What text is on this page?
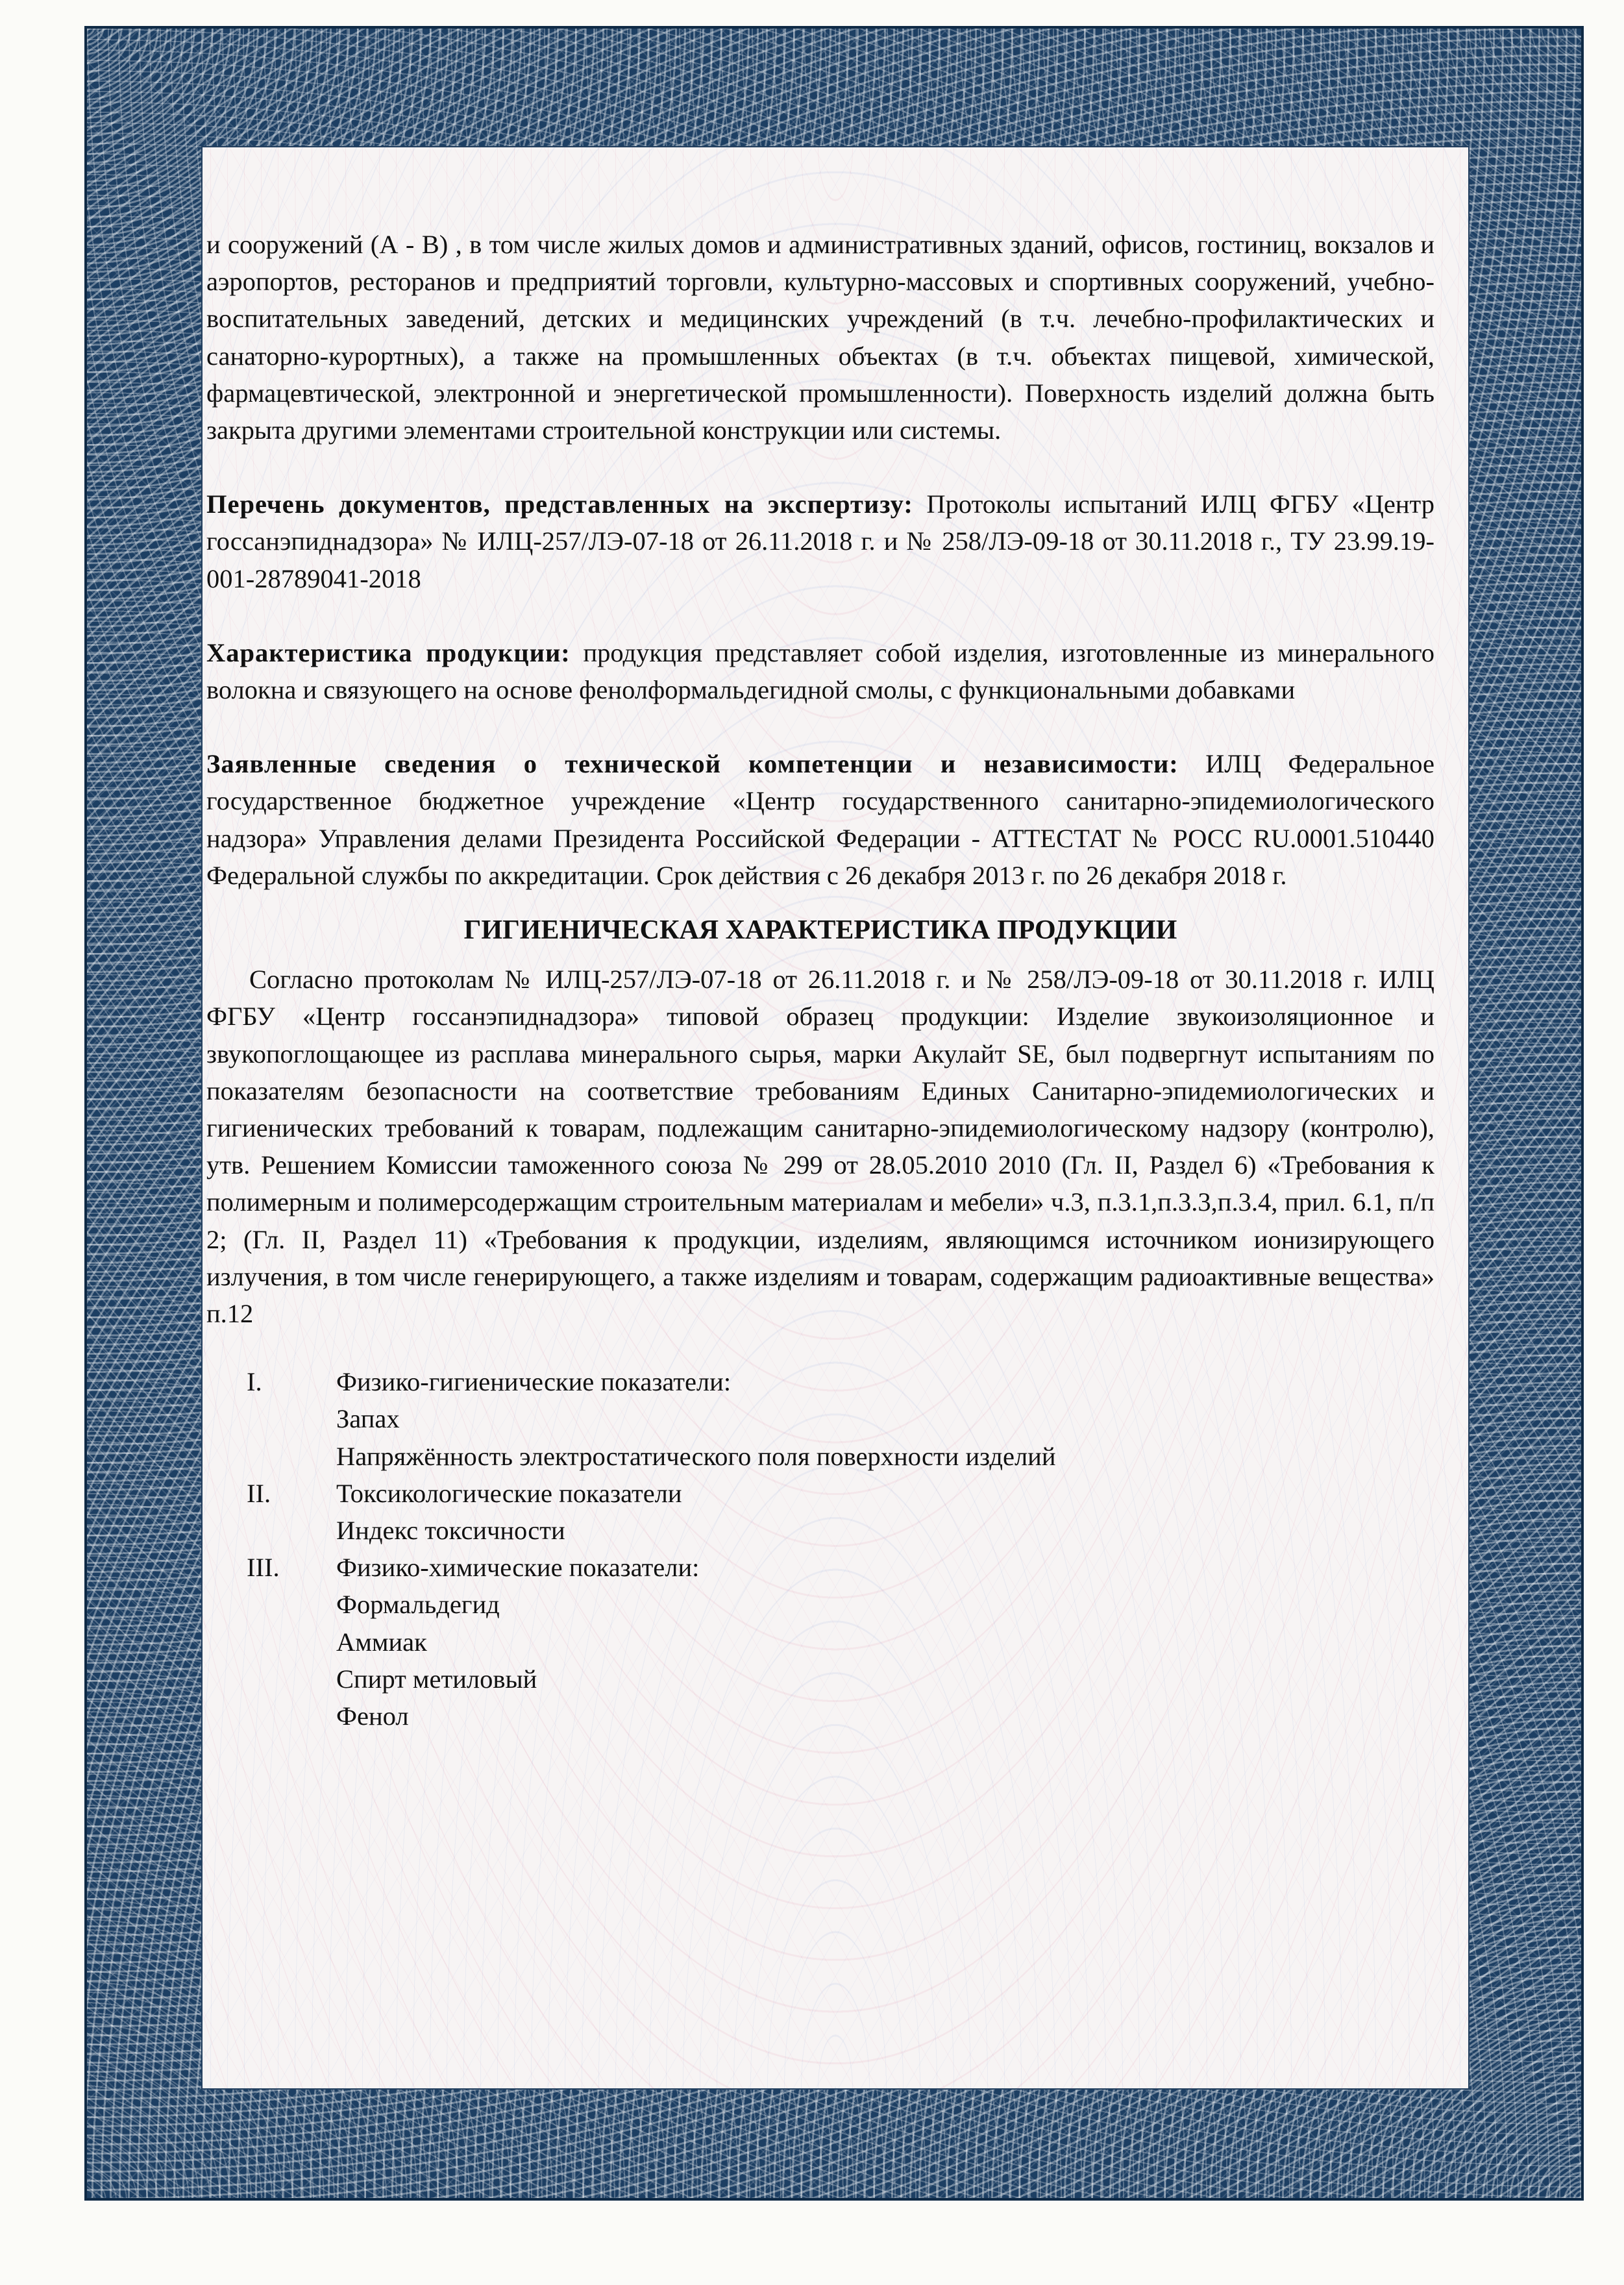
и сооружений (А - В) , в том числе жилых домов и административных зданий, офисов, гостиниц, вокзалов и аэропортов, ресторанов и предприятий торговли, культурно-массовых и спортивных сооружений, учебно-воспитательных заведений, детских и медицинских учреждений (в т.ч. лечебно-профилактических и санаторно-курортных), а также на промышленных объектах (в т.ч. объектах пищевой, химической, фармацевтической, электронной и энергетической промышленности). Поверхность изделий должна быть закрыта другими элементами строительной конструкции или системы.

Перечень документов, представленных на экспертизу: Протоколы испытаний ИЛЦ ФГБУ «Центр госсанэпиднадзора» № ИЛЦ-257/ЛЭ-07-18 от 26.11.2018 г. и № 258/ЛЭ-09-18 от 30.11.2018 г., ТУ 23.99.19-001-28789041-2018

Характеристика продукции: продукция представляет собой изделия, изготовленные из минерального волокна и связующего на основе фенолформальдегидной смолы, с функциональными добавками

Заявленные сведения о технической компетенции и независимости: ИЛЦ Федеральное государственное бюджетное учреждение «Центр государственного санитарно-эпидемиологического надзора» Управления делами Президента Российской Федерации - АТТЕСТАТ № РОСС RU.0001.510440 Федеральной службы по аккредитации. Срок действия с 26 декабря 2013 г. по 26 декабря 2018 г.

ГИГИЕНИЧЕСКАЯ ХАРАКТЕРИСТИКА ПРОДУКЦИИ

Согласно протоколам № ИЛЦ-257/ЛЭ-07-18 от 26.11.2018 г. и № 258/ЛЭ-09-18 от 30.11.2018 г. ИЛЦ ФГБУ «Центр госсанэпиднадзора» типовой образец продукции: Изделие звукоизоляционное и звукопоглощающее из расплава минерального сырья, марки Акулайт SE, был подвергнут испытаниям по показателям безопасности на соответствие требованиям Единых Санитарно-эпидемиологических и гигиенических требований к товарам, подлежащим санитарно-эпидемиологическому надзору (контролю), утв. Решением Комиссии таможенного союза № 299 от 28.05.2010 2010 (Гл. II, Раздел 6) «Требования к полимерным и полимерсодержащим строительным материалам и мебели» ч.3, п.3.1,п.3.3,п.3.4, прил. 6.1, п/п 2; (Гл. II, Раздел 11) «Требования к продукции, изделиям, являющимся источником ионизирующего излучения, в том числе генерирующего, а также изделиям и товарам, содержащим радиоактивные вещества» п.12

I.	Физико-гигиенические показатели:
Запах
Напряжённость электростатического поля поверхности изделий
II.	Токсикологические показатели
Индекс токсичности
III.	Физико-химические показатели:
Формальдегид
Аммиак
Спирт метиловый
Фенол
